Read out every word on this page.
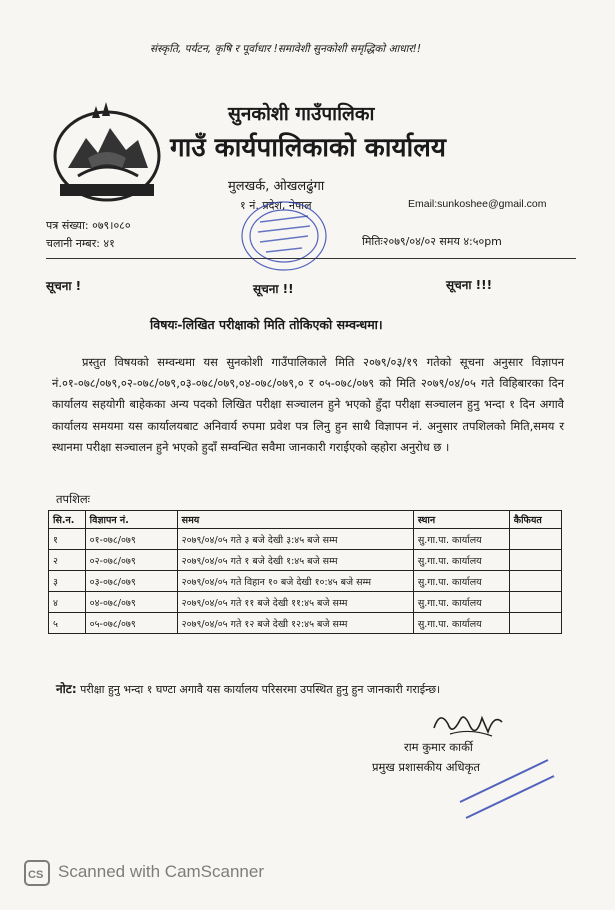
संस्कृति, पर्यटन, कृषि र पूर्वाधार !समावेशी सुनकोशी समृद्धिको आधार!!
सुनकोशी गाउँपालिका
गाउँ कार्यपालिकाको कार्यालय
मुलखर्क, ओखलढुंगा
१ नं. प्रदेश, नेपाल	Email:sunkoshee@gmail.com
पत्र संख्या: ०७९।०८०
चलानी नम्बर: ४१	मितिः२०७९/०४/०२ समय ४:५०pm
सूचना !	सूचना !!	सूचना !!!
विषयः-लिखित परीक्षाको मिति तोकिएको सम्वन्धमा।
प्रस्तुत विषयको सम्वन्धमा यस सुनकोशी गाउँपालिकाले मिति २०७९/०३/१९ गतेको सूचना अनुसार विज्ञापन नं.०१-०७८/०७९,०२-०७८/०७९,०३-०७८/०७९,०४-०७८/०७९,० र ०५-०७८/०७९ को मिति २०७९/०४/०५ गते विहिबारका दिन कार्यालय सहयोगी बाहेकका अन्य पदको लिखित परीक्षा सञ्चालन हुने भएको हुँदा परीक्षा सञ्चालन हुनु भन्दा १ दिन अगावै कार्यालय समयमा यस कार्यालयबाट अनिवार्य रुपमा प्रवेश पत्र लिनु हुन साथै विज्ञापन नं. अनुसार तपशिलको मिति,समय र स्थानमा परीक्षा सञ्चालन हुने भएको हुदाँ सम्वन्धित सवैमा जानकारी गराईएको व्हहोरा अनुरोध छ ।
तपशिलः
सि.न.	विज्ञापन नं.	समय	स्थान	कैफियत
१	०१-०७८/०७९	२०७९/०४/०५ गते ३ बजे देखी ३:४५ बजे सम्म	सु.गा.पा. कार्यालय	
२	०२-०७८/०७९	२०७९/०४/०५ गते १ बजे देखी १:४५ बजे सम्म	सु.गा.पा. कार्यालय	
३	०३-०७८/०७९	२०७९/०४/०५ गते विहान १० बजे देखी १०:४५ बजे सम्म	सु.गा.पा. कार्यालय	
४	०४-०७८/०७९	२०७९/०४/०५ गते ११ बजे देखी ११:४५ बजे सम्म	सु.गा.पा. कार्यालय	
५	०५-०७८/०७९	२०७९/०४/०५ गते १२ बजे देखी १२:४५ बजे सम्म	सु.गा.पा. कार्यालय	
नोट: परीक्षा हुनु भन्दा १ घण्टा अगावै यस कार्यालय परिसरमा उपस्थित हुनु हुन जानकारी गराईन्छ।
राम कुमार कार्की
प्रमुख प्रशासकीय अधिकृत
CS Scanned with CamScanner
